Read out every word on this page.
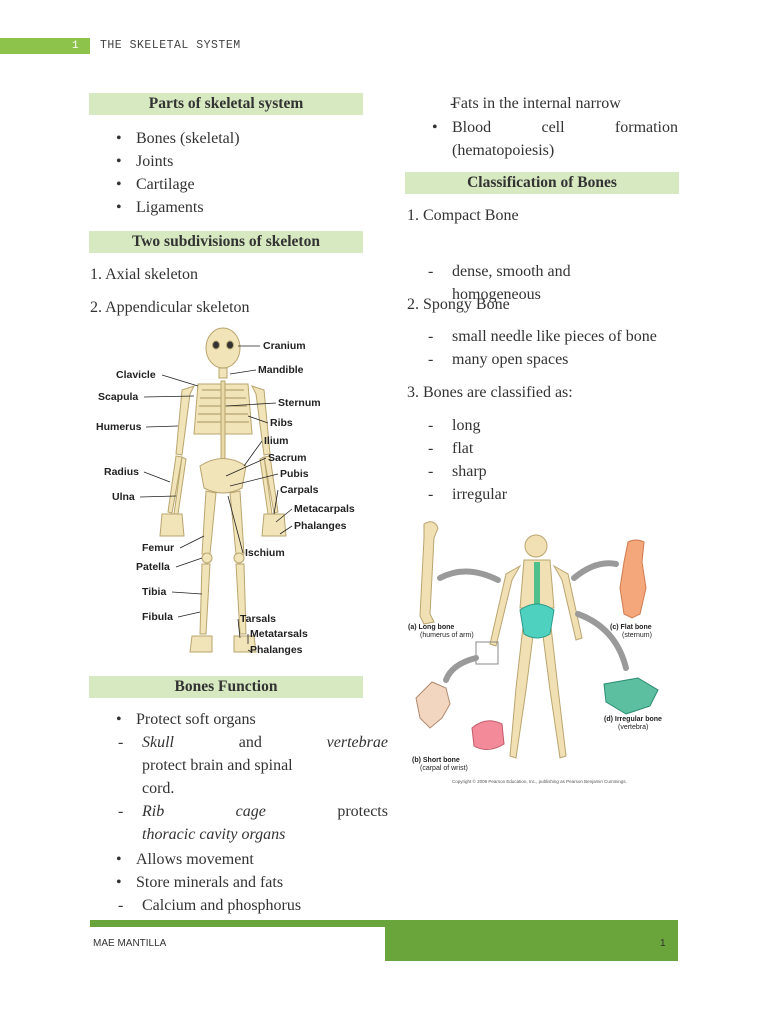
1	THE SKELETAL SYSTEM
Parts of skeletal system
• Bones (skeletal)
• Joints
• Cartilage
• Ligaments
Two subdivisions of skeleton
1. Axial skeleton
2. Appendicular skeleton
Cranium
Mandible
Sternum
Ribs
Ilium
Sacrum
Pubis
Carpals
Metacarpals
Phalanges
Ischium
Tarsals
Metatarsals
Phalanges
Clavicle
Scapula
Humerus
Radius
Ulna
Femur
Patella
Tibia
Fibula
Bones Function
• Protect soft organs
- Skull	and	vertebrae
protect brain and spinal
cord.
- Rib	cage	protects
thoracic cavity organs
• Allows movement
• Store minerals and fats
- Calcium and phosphorus
- Fats in the internal narrow
• Blood	cell	formation
(hematopoiesis)
Classification of Bones
1. Compact Bone
- dense, smooth and
homogeneous
2. Spongy Bone
- small needle like pieces of bone
- many open spaces
3. Bones are classified as:
- long
- flat
- sharp
- irregular
(a) Long bone
(humerus of arm)
(c) Flat bone
(sternum)
(d) Irregular bone
(vertebra)
(b) Short bone
(carpal of wrist)
Copyright © 2009 Pearson Education, Inc., publishing as Pearson Benjamin Cummings.
MAE MANTILLA	1
